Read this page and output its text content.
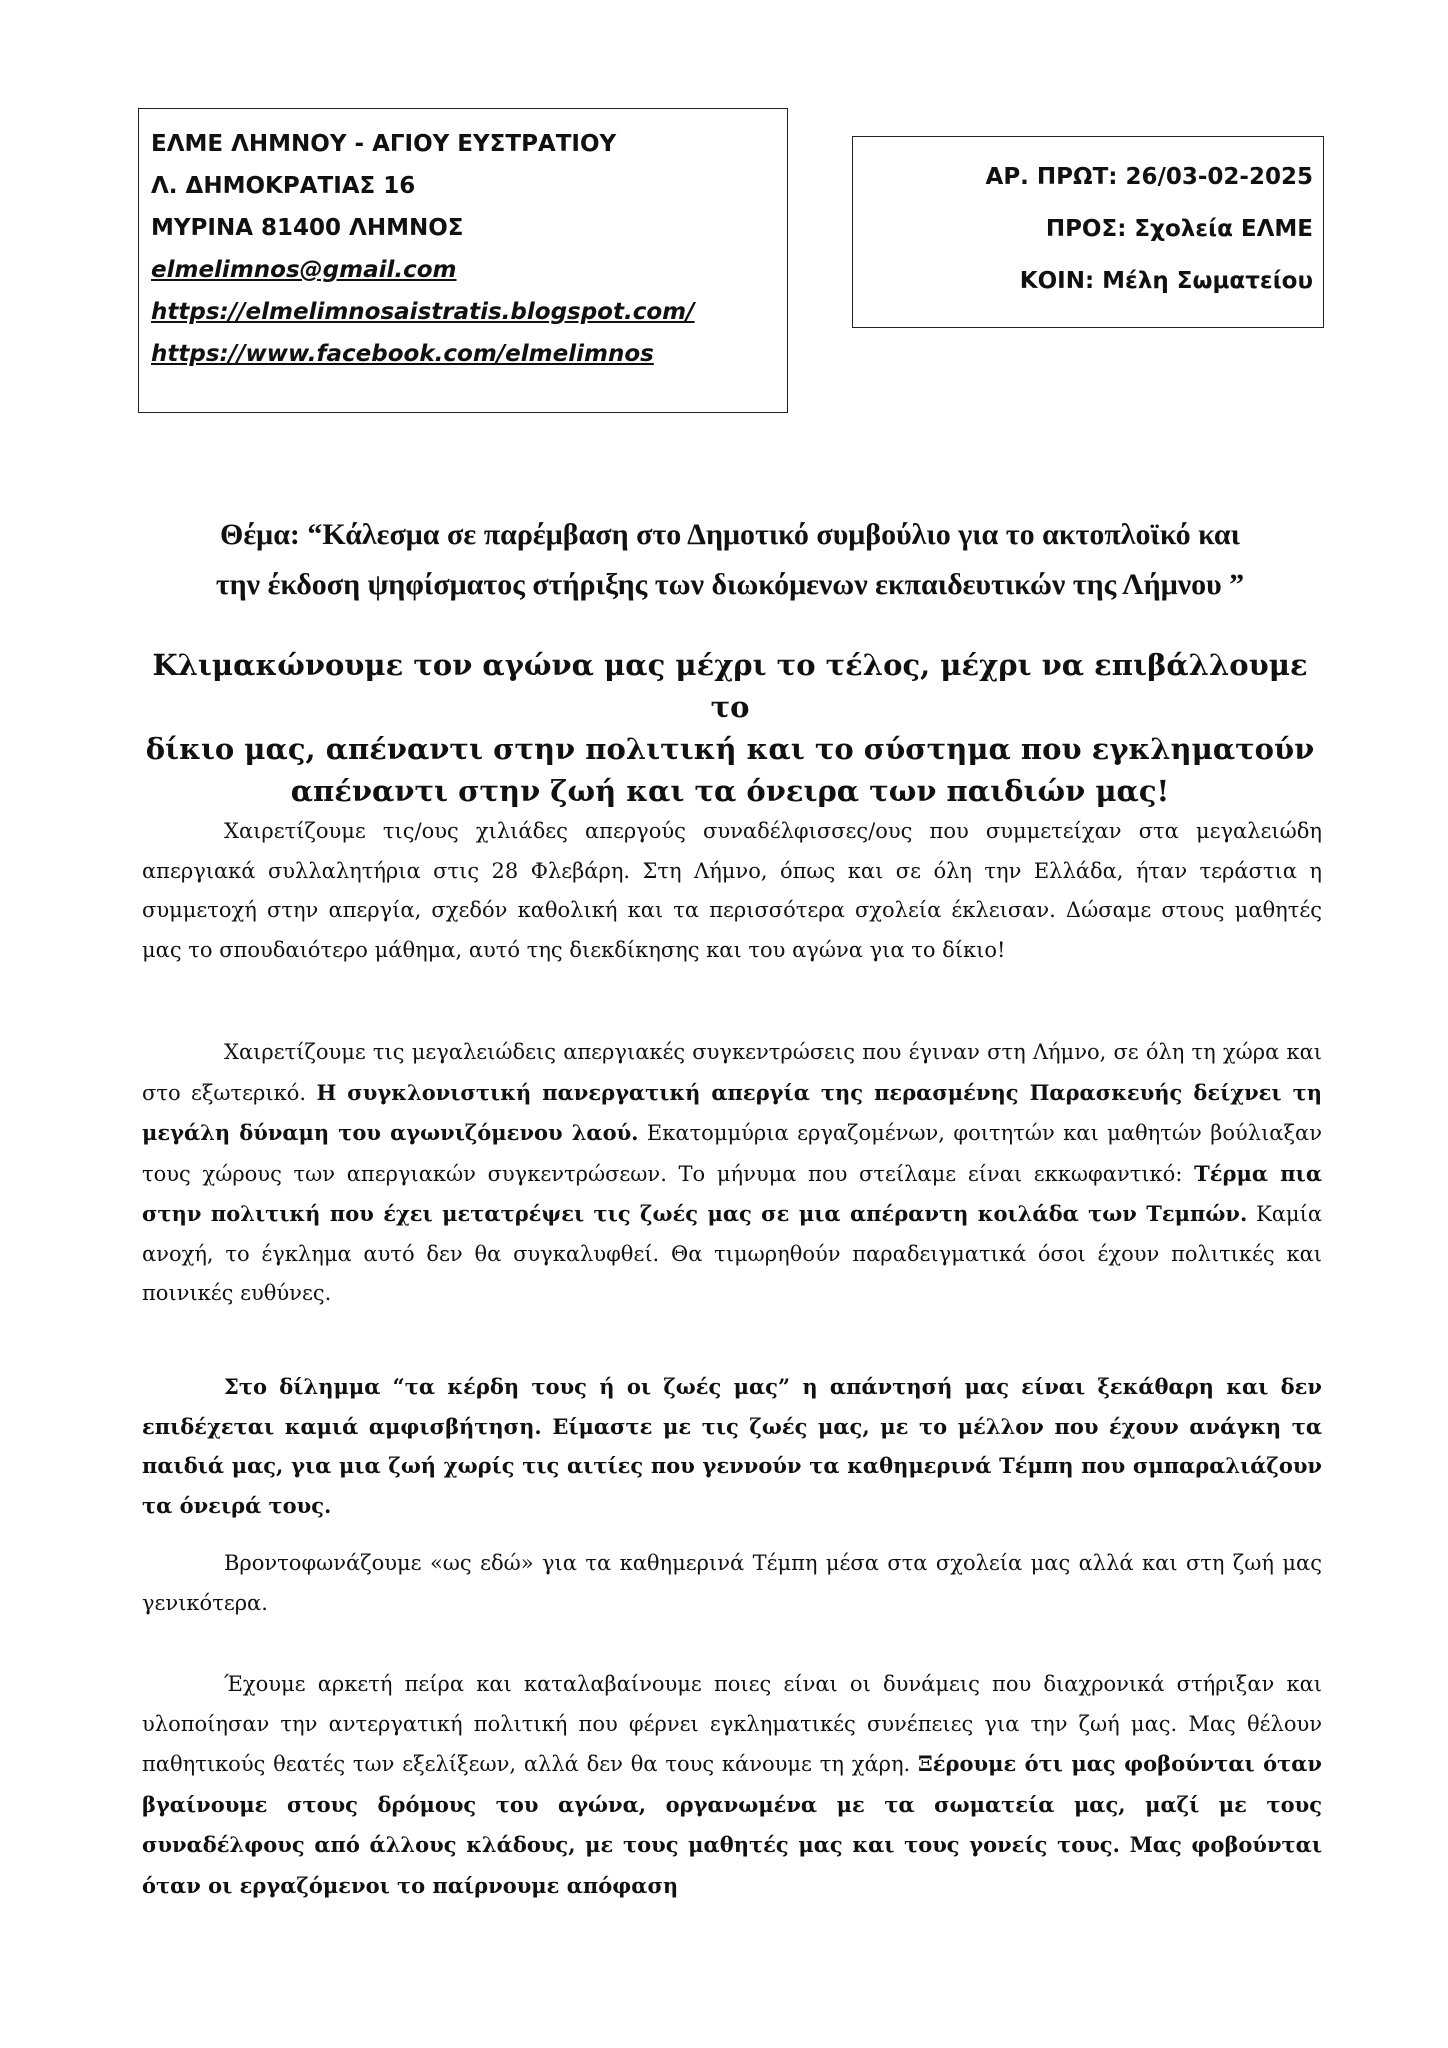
ΕΛΜΕ ΛΗΜΝΟΥ - ΑΓΙΟΥ ΕΥΣΤΡΑΤΙΟΥ
Λ. ΔΗΜΟΚΡΑΤΙΑΣ 16
ΜΥΡΙΝΑ 81400 ΛΗΜΝΟΣ
elmelimnos@gmail.com
https://elmelimnosaistratis.blogspot.com/
https://www.facebook.com/elmelimnos
ΑΡ. ΠΡΩΤ: 26/03-02-2025
ΠΡΟΣ: Σχολεία ΕΛΜΕ
ΚΟΙΝ: Μέλη Σωματείου
Θέμα: “Κάλεσμα σε παρέμβαση στο Δημοτικό συμβούλιο για το ακτοπλοϊκό και
την έκδοση ψηφίσματος στήριξης των διωκόμενων εκπαιδευτικών της Λήμνου ”
Κλιμακώνουμε τον αγώνα μας μέχρι το τέλος, μέχρι να επιβάλλουμε το
δίκιο μας, απέναντι στην πολιτική και το σύστημα που εγκληματούν
απέναντι στην ζωή και τα όνειρα των παιδιών μας!

Χαιρετίζουμε τις/ους χιλιάδες απεργούς συναδέλφισσες/ους που συμμετείχαν στα μεγαλειώδη απεργιακά συλλαλητήρια στις 28 Φλεβάρη. Στη Λήμνο, όπως και σε όλη την Ελλάδα, ήταν τεράστια η συμμετοχή στην απεργία, σχεδόν καθολική και τα περισσότερα σχολεία έκλεισαν. Δώσαμε στους μαθητές μας το σπουδαιότερο μάθημα, αυτό της διεκδίκησης και του αγώνα για το δίκιο!

Χαιρετίζουμε τις μεγαλειώδεις απεργιακές συγκεντρώσεις που έγιναν στη Λήμνο, σε όλη τη χώρα και στο εξωτερικό. Η συγκλονιστική πανεργατική απεργία της περασμένης Παρασκευής δείχνει τη μεγάλη δύναμη του αγωνιζόμενου λαού. Εκατομμύρια εργαζομένων, φοιτητών και μαθητών βούλιαξαν τους χώρους των απεργιακών συγκεντρώσεων. Το μήνυμα που στείλαμε είναι εκκωφαντικό: Τέρμα πια στην πολιτική που έχει μετατρέψει τις ζωές μας σε μια απέραντη κοιλάδα των Τεμπών. Καμία ανοχή, το έγκλημα αυτό δεν θα συγκαλυφθεί. Θα τιμωρηθούν παραδειγματικά όσοι έχουν πολιτικές και ποινικές ευθύνες.

Στο δίλημμα “τα κέρδη τους ή οι ζωές μας” η απάντησή μας είναι ξεκάθαρη και δεν επιδέχεται καμιά αμφισβήτηση. Είμαστε με τις ζωές μας, με το μέλλον που έχουν ανάγκη τα παιδιά μας, για μια ζωή χωρίς τις αιτίες που γεννούν τα καθημερινά Τέμπη που σμπαραλιάζουν τα όνειρά τους.

Βροντοφωνάζουμε «ως εδώ» για τα καθημερινά Τέμπη μέσα στα σχολεία μας αλλά και στη ζωή μας γενικότερα.

Έχουμε αρκετή πείρα και καταλαβαίνουμε ποιες είναι οι δυνάμεις που διαχρονικά στήριξαν και υλοποίησαν την αντεργατική πολιτική που φέρνει εγκληματικές συνέπειες για την ζωή μας. Μας θέλουν παθητικούς θεατές των εξελίξεων, αλλά δεν θα τους κάνουμε τη χάρη. Ξέρουμε ότι μας φοβούνται όταν βγαίνουμε στους δρόμους του αγώνα, οργανωμένα με τα σωματεία μας, μαζί με τους συναδέλφους από άλλους κλάδους, με τους μαθητές μας και τους γονείς τους. Μας φοβούνται όταν οι εργαζόμενοι το παίρνουμε απόφαση
